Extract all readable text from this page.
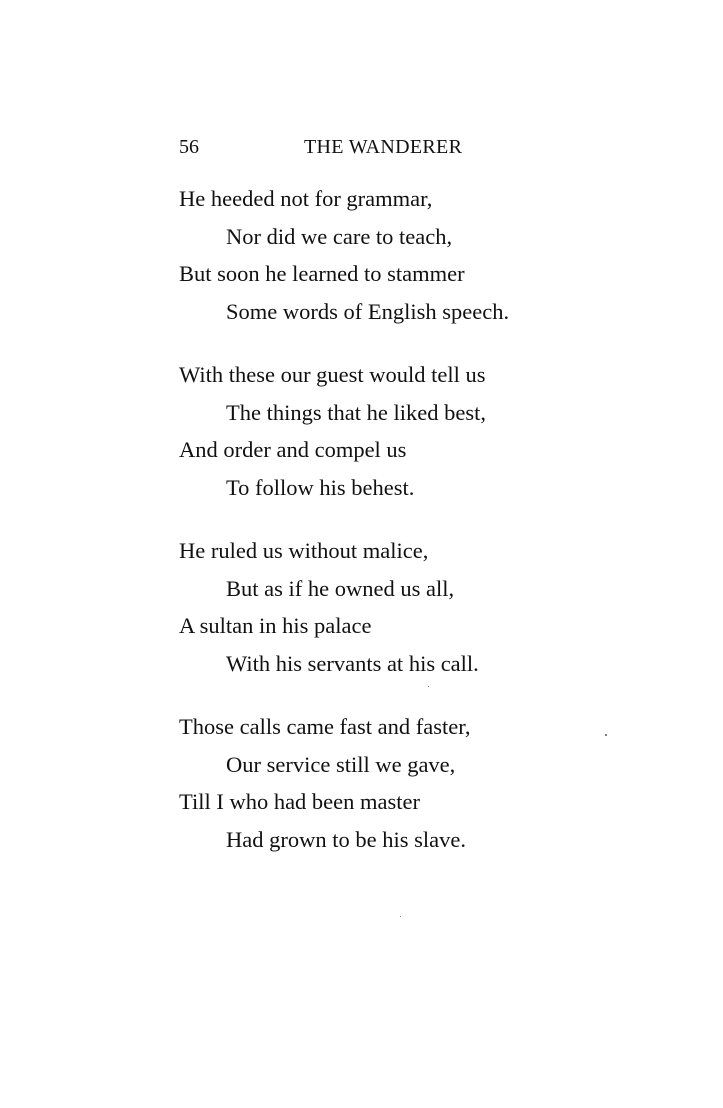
56	THE WANDERER
He heeded not for grammar,
Nor did we care to teach,
But soon he learned to stammer
Some words of English speech.
With these our guest would tell us
The things that he liked best,
And order and compel us
To follow his behest.
He ruled us without malice,
But as if he owned us all,
A sultan in his palace
With his servants at his call.
Those calls came fast and faster,
Our service still we gave,
Till I who had been master
Had grown to be his slave.
